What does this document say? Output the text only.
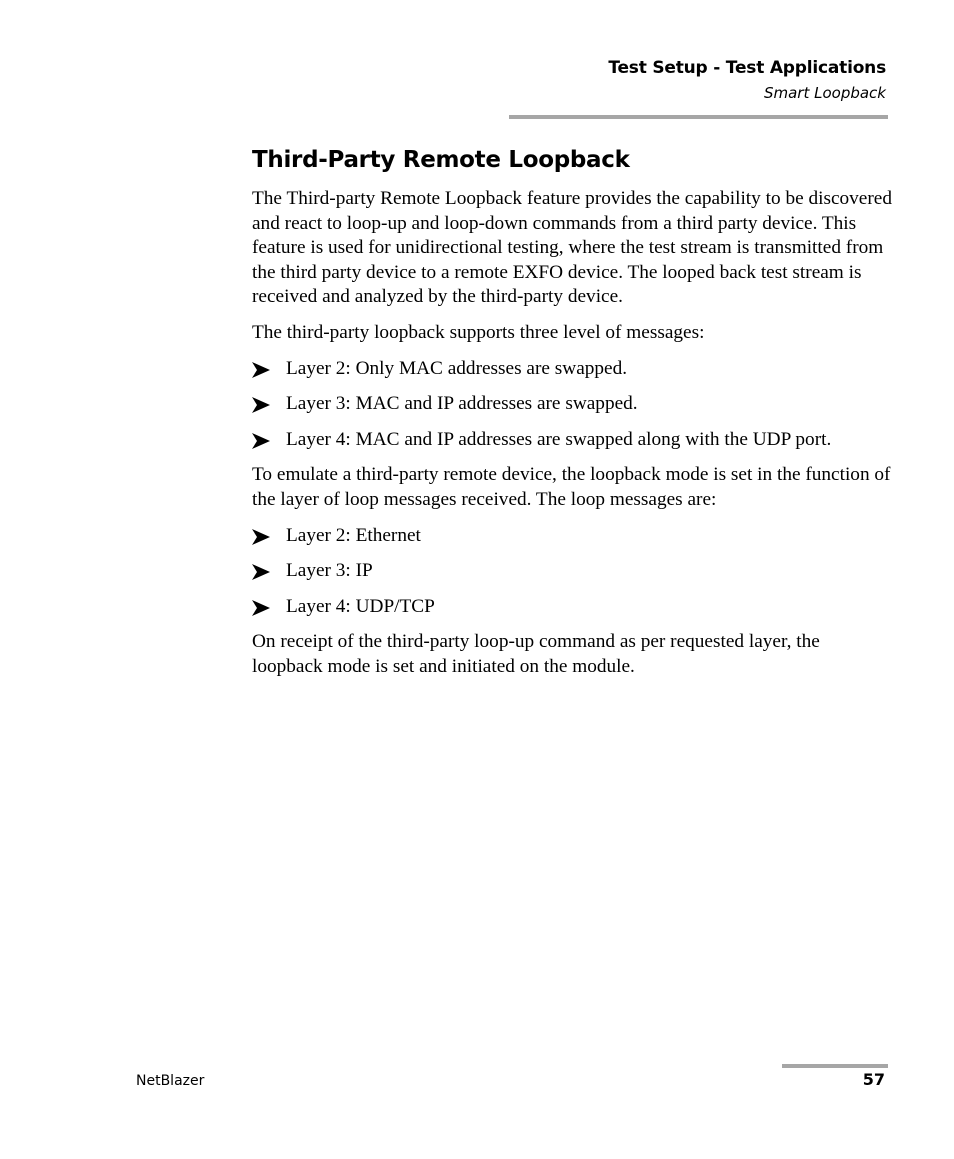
Test Setup - Test Applications
Smart Loopback
Third-Party Remote Loopback

The Third-party Remote Loopback feature provides the capability to be discovered and react to loop-up and loop-down commands from a third party device. This feature is used for unidirectional testing, where the test stream is transmitted from the third party device to a remote EXFO device. The looped back test stream is received and analyzed by the third-party device.

The third-party loopback supports three level of messages:

Layer 2: Only MAC addresses are swapped.
Layer 3: MAC and IP addresses are swapped.
Layer 4: MAC and IP addresses are swapped along with the UDP port.

To emulate a third-party remote device, the loopback mode is set in the function of the layer of loop messages received. The loop messages are:

Layer 2: Ethernet
Layer 3: IP
Layer 4: UDP/TCP

On receipt of the third-party loop-up command as per requested layer, the loopback mode is set and initiated on the module.

NetBlazer	57
